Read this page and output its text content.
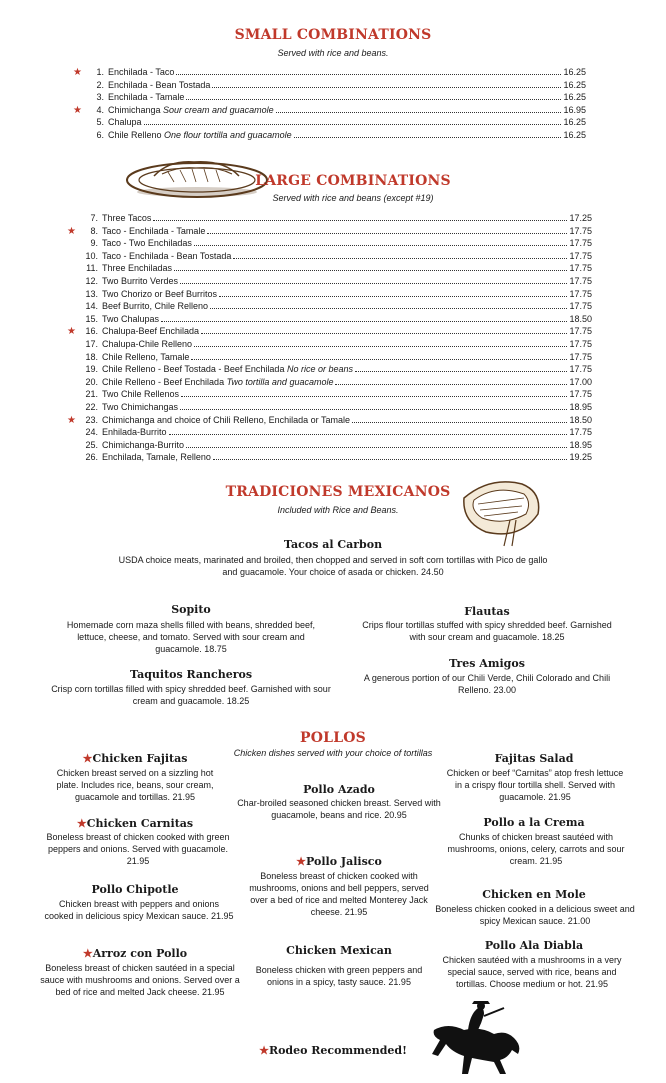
SMALL COMBINATIONS
Served with rice and beans.
★	1. Enchilada - Taco	16.25
2. Enchilada - Bean Tostada	16.25
3. Enchilada - Tamale	16.25
★	4. Chimichanga Sour cream and guacamole	16.95
5. Chalupa	16.25
6. Chile Relleno One flour tortilla and guacamole	16.25
LARGE COMBINATIONS
Served with rice and beans (except #19)
7. Three Tacos	17.25
★	8. Taco - Enchilada - Tamale	17.75
9. Taco - Two Enchiladas	17.75
10. Taco - Enchilada - Bean Tostada	17.75
11. Three Enchiladas	17.75
12. Two Burrito Verdes	17.75
13. Two Chorizo or Beef Burritos	17.75
14. Beef Burrito, Chile Relleno	17.75
15. Two Chalupas	18.50
★	16. Chalupa-Beef Enchilada	17.75
17. Chalupa-Chile Relleno	17.75
18. Chile Relleno, Tamale	17.75
19. Chile Relleno - Beef Tostada - Beef Enchilada No rice or beans	17.75
20. Chile Relleno - Beef Enchilada Two tortilla and guacamole	17.00
21. Two Chile Rellenos	17.75
22. Two Chimichangas	18.95
★	23. Chimichanga and choice of Chili Relleno, Enchilada or Tamale	18.50
24. Enhilada-Burrito	17.75
25. Chimichanga-Burrito	18.95
26. Enchilada, Tamale, Relleno	19.25
TRADICIONES MEXICANOS
Included with Rice and Beans.
Tacos al Carbon
USDA choice meats, marinated and broiled, then chopped and served in soft corn tortillas with Pico de gallo and guacamole. Your choice of asada or chicken. 24.50
Sopito
Homemade corn maza shells filled with beans, shredded beef, lettuce, cheese, and tomato. Served with sour cream and guacamole. 18.75
Flautas
Crips flour tortillas stuffed with spicy shredded beef. Garnished with sour cream and guacamole. 18.25
Taquitos Rancheros
Crisp corn tortillas filled with spicy shredded beef. Garnished with sour cream and guacamole. 18.25
Tres Amigos
A generous portion of our Chili Verde, Chili Colorado and Chili Relleno. 23.00
POLLOS
Chicken dishes served with your choice of tortillas
★Chicken Fajitas
Chicken breast served on a sizzling hot plate. Includes rice, beans, sour cream, guacamole and tortillas. 21.95
★Chicken Carnitas
Boneless breast of chicken cooked with green peppers and onions. Served with guacamole. 21.95
Pollo Chipotle
Chicken breast with peppers and onions cooked in delicious spicy Mexican sauce. 21.95
★Arroz con Pollo
Boneless breast of chicken sautéed in a special sauce with mushrooms and onions. Served over a bed of rice and melted Jack cheese. 21.95
Pollo Azado
Char-broiled seasoned chicken breast. Served with guacamole, beans and rice. 20.95
★Pollo Jalisco
Boneless breast of chicken cooked with mushrooms, onions and bell peppers, served over a bed of rice and melted Monterey Jack cheese. 21.95
Chicken Mexican
Boneless chicken with green peppers and onions in a spicy, tasty sauce. 21.95
Fajitas Salad
Chicken or beef “Carnitas” atop fresh lettuce in a crispy flour tortilla shell. Served with guacamole. 21.95
Pollo a la Crema
Chunks of chicken breast sautéed with mushrooms, onions, celery, carrots and sour cream. 21.95
Chicken en Mole
Boneless chicken cooked in a delicious sweet and spicy Mexican sauce. 21.00
Pollo Ala Diabla
Chicken sautéed with a mushrooms in a very special sauce, served with rice, beans and tortillas. Choose medium or hot. 21.95
★Rodeo Recommended!
